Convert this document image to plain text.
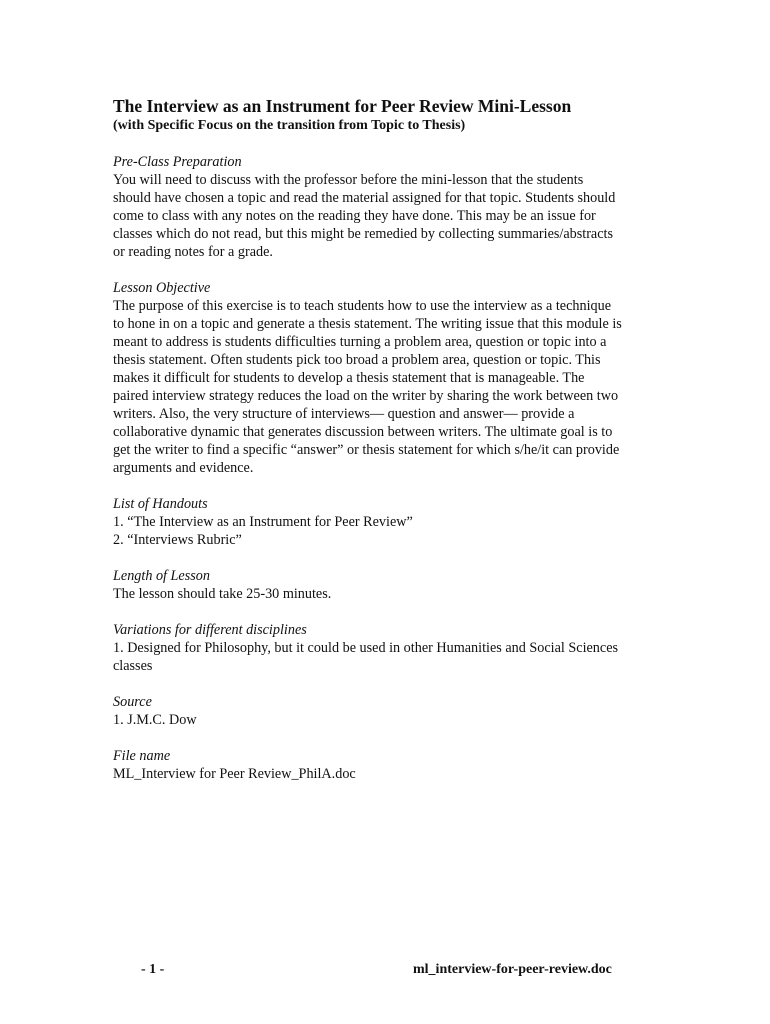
The Interview as an Instrument for Peer Review Mini-Lesson
(with Specific Focus on the transition from Topic to Thesis)
Pre-Class Preparation
You will need to discuss with the professor before the mini-lesson that the students
should have chosen a topic and read the material assigned for that topic. Students should
come to class with any notes on the reading they have done. This may be an issue for
classes which do not read, but this might be remedied by collecting summaries/abstracts
or reading notes for a grade.
Lesson Objective
The purpose of this exercise is to teach students how to use the interview as a technique
to hone in on a topic and generate a thesis statement. The writing issue that this module is
meant to address is students difficulties turning a problem area, question or topic into a
thesis statement. Often students pick too broad a problem area, question or topic. This
makes it difficult for students to develop a thesis statement that is manageable. The
paired interview strategy reduces the load on the writer by sharing the work between two
writers. Also, the very structure of interviews— question and answer— provide a
collaborative dynamic that generates discussion between writers. The ultimate goal is to
get the writer to find a specific “answer” or thesis statement for which s/he/it can provide
arguments and evidence.
List of Handouts
1. “The Interview as an Instrument for Peer Review”
2. “Interviews Rubric”
Length of Lesson
The lesson should take 25-30 minutes.
Variations for different disciplines
1. Designed for Philosophy, but it could be used in other Humanities and Social Sciences
classes
Source
1. J.M.C. Dow
File name
ML_Interview for Peer Review_PhilA.doc
- 1 -	ml_interview-for-peer-review.doc
